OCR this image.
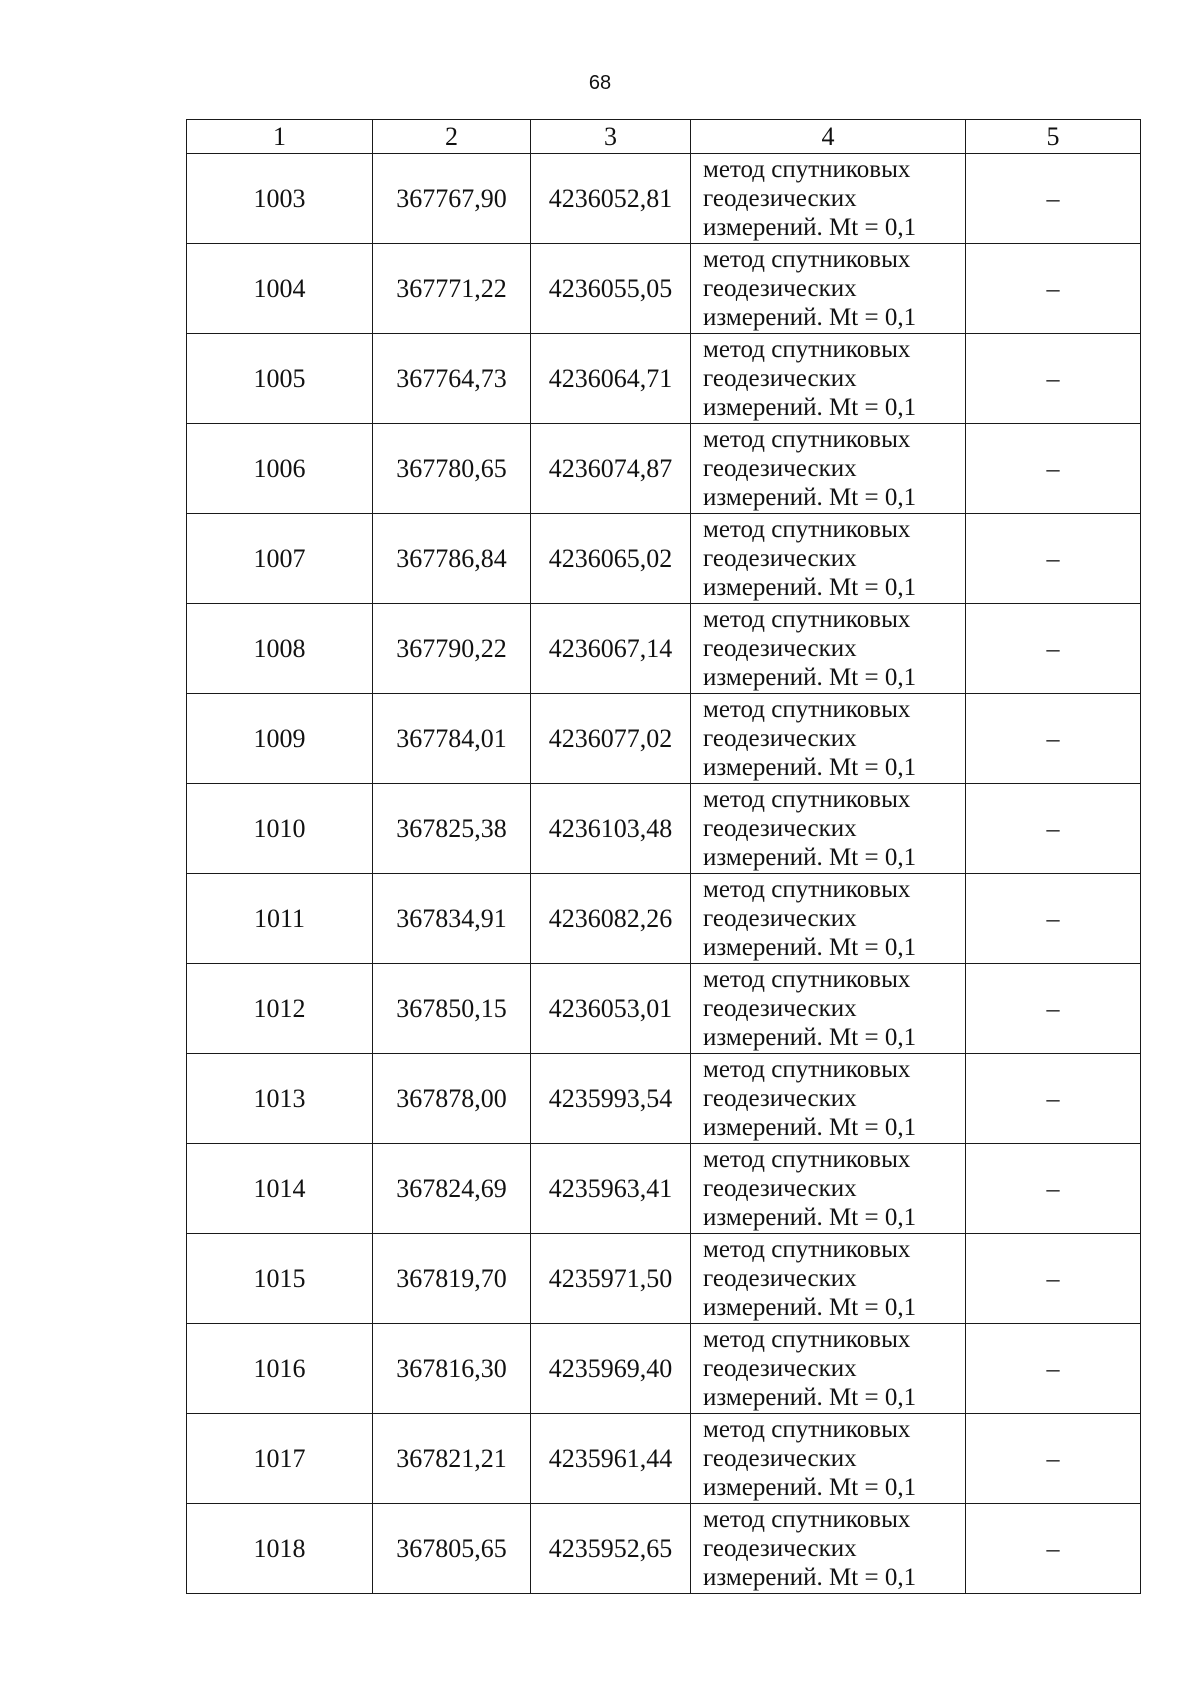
68
1	2	3	4	5
1003	367767,90	4236052,81	метод спутниковых
геодезических
измерений. Mt = 0,1	–
1004	367771,22	4236055,05	метод спутниковых
геодезических
измерений. Mt = 0,1	–
1005	367764,73	4236064,71	метод спутниковых
геодезических
измерений. Mt = 0,1	–
1006	367780,65	4236074,87	метод спутниковых
геодезических
измерений. Mt = 0,1	–
1007	367786,84	4236065,02	метод спутниковых
геодезических
измерений. Mt = 0,1	–
1008	367790,22	4236067,14	метод спутниковых
геодезических
измерений. Mt = 0,1	–
1009	367784,01	4236077,02	метод спутниковых
геодезических
измерений. Mt = 0,1	–
1010	367825,38	4236103,48	метод спутниковых
геодезических
измерений. Mt = 0,1	–
1011	367834,91	4236082,26	метод спутниковых
геодезических
измерений. Mt = 0,1	–
1012	367850,15	4236053,01	метод спутниковых
геодезических
измерений. Mt = 0,1	–
1013	367878,00	4235993,54	метод спутниковых
геодезических
измерений. Mt = 0,1	–
1014	367824,69	4235963,41	метод спутниковых
геодезических
измерений. Mt = 0,1	–
1015	367819,70	4235971,50	метод спутниковых
геодезических
измерений. Mt = 0,1	–
1016	367816,30	4235969,40	метод спутниковых
геодезических
измерений. Mt = 0,1	–
1017	367821,21	4235961,44	метод спутниковых
геодезических
измерений. Mt = 0,1	–
1018	367805,65	4235952,65	метод спутниковых
геодезических
измерений. Mt = 0,1	–
